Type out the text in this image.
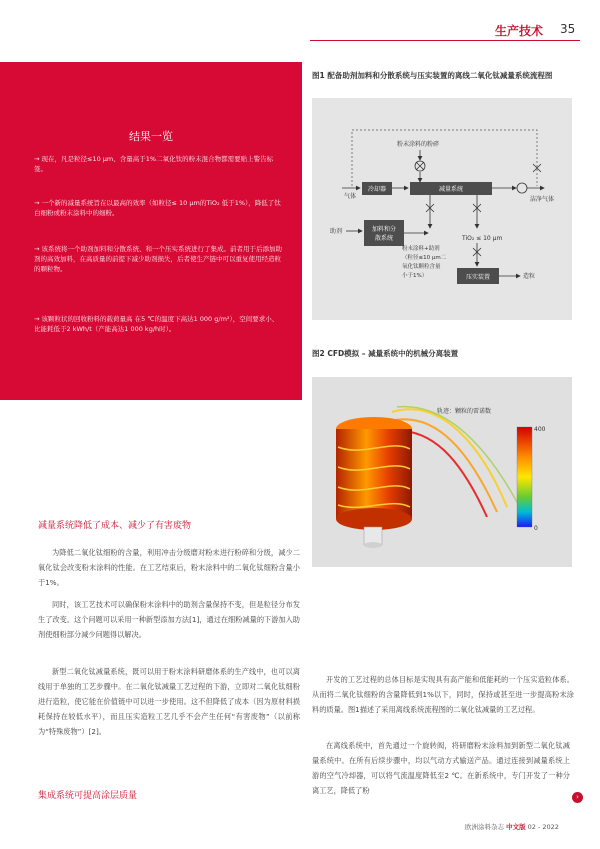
生产技术 35
结果一览

→ 现在，凡是粒径≤10 µm、含量高于1%二氧化钛的粉末混合物都需要贴上警告标签。

→ 一个新的减量系统旨在以最高的效率（如粒径≤ 10 µm的TiO₂ 低于1%），降低了钛白细粉或粉末涂料中的细粉。

→ 该系统将一个助剂加料和分散系统、和一个压实系统进行了集成。前者用于后添加助剂的高效加料，在高质量的前提下减少助剂损失，后者使生产链中可以重复使用经造粒的颗粒物。

→ 该颗粒状的回收粉料的载荷量高 在5 ℃的温度下高达1 000 g/m²），空间要求小、比能耗低于2 kWh/t（产能高达1 000 kg/h时）。

图1 配备助剂加料和分散系统与压实装置的离线二氧化钛减量系统流程图
粉末涂料的粉碎
气体
冷却器	减量系统
洁净气体
TiO₂ ≤ 10 µm
助剂	加料和分
散系统
粉末涂料+助剂
（粒径≤10 µm二
氧化钛颗粒含量
小于1%）	压实装置	造粒
图2 CFD模拟 – 减量系统中的机械分离装置
轨迹：颗粒的雷诺数
400
0
减量系统降低了成本、减少了有害废物

为降低二氧化钛细粉的含量，利用冲击分级磨对粉末进行粉碎和分级，减少二氧化钛会改变粉末涂料的性能。在工艺结束后，粉末涂料中的二氧化钛细粉含量小于1%。

同时，该工艺技术可以确保粉末涂料中的助剂含量保持不变，但是粒径分布发生了改变。这个问题可以采用一种新型添加方法[1]，通过在细粉减量的下游加入助剂使细粉部分减少问题得以解决。

新型二氧化钛减量系统，既可以用于粉末涂料研磨体系的生产线中，也可以离线用于单独的工艺步骤中。在二氧化钛减量工艺过程的下游，立即对二氧化钛细粉进行造粒，使它能在价值链中可以进一步使用。这不但降低了成本（因为原材料损耗保持在较低水平），而且压实造粒工艺几乎不会产生任何“有害废物”（以前称为“特殊废物”）[2]。

集成系统可提高涂层质量

开发的工艺过程的总体目标是实现具有高产能和低能耗的一个压实造粒体系。从而将二氧化钛细粉的含量降低到1%以下，同时，保持或甚至进一步提高粉末涂料的质量。图1描述了采用离线系统流程图的二氧化钛减量的工艺过程。

在离线系统中，首先通过一个旋转阀，将研磨粉末涂料加到新型二氧化钛减量系统中。在所有后续步骤中，均以气动方式输送产品。通过连接到减量系统上游的空气冷却器，可以将气流温度降低至2 ℃。在新系统中，专门开发了一种分离工艺，降低了粉

›
欧洲涂料杂志 中文版 02 - 2022
